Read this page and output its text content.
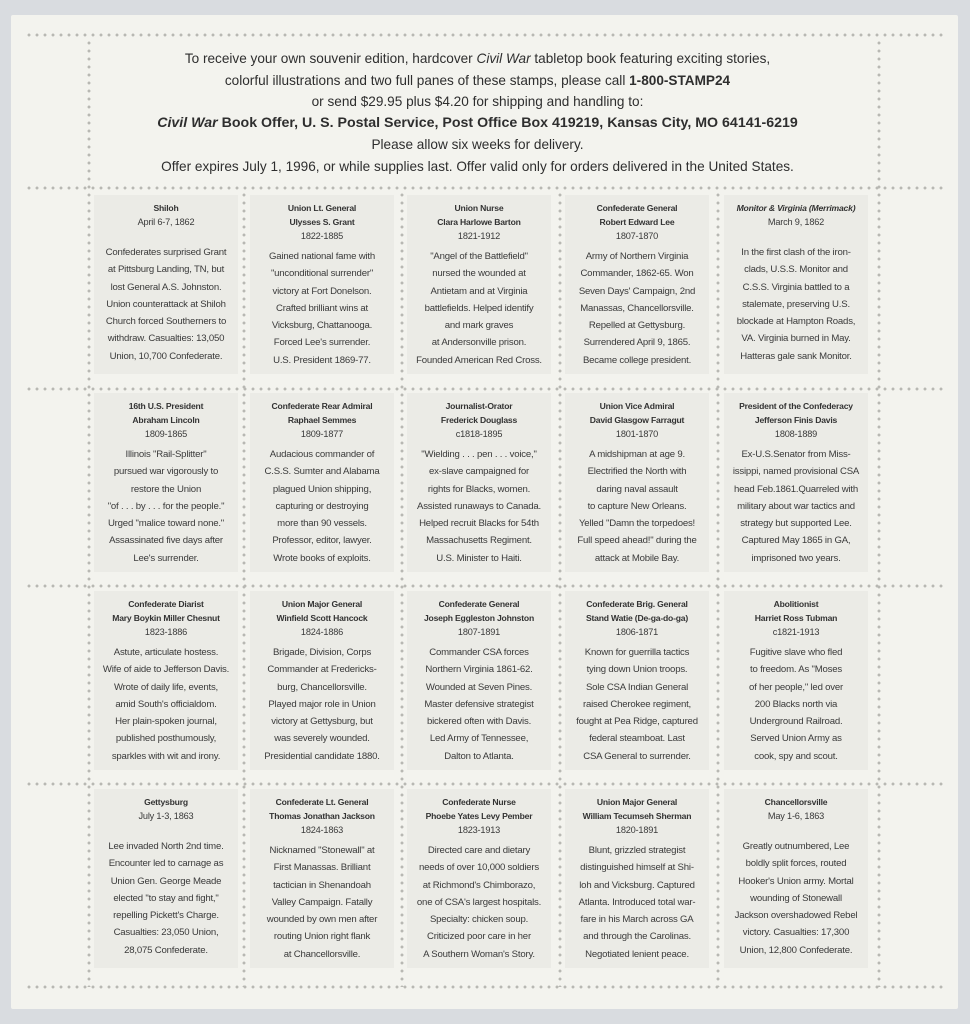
To receive your own souvenir edition, hardcover Civil War tabletop book featuring exciting stories,
colorful illustrations and two full panes of these stamps, please call 1-800-STAMP24
or send $29.95 plus $4.20 for shipping and handling to:
Civil War Book Offer, U. S. Postal Service, Post Office Box 419219, Kansas City, MO 64141-6219
Please allow six weeks for delivery.
Offer expires July 1, 1996, or while supplies last. Offer valid only for orders delivered in the United States.
Shiloh
April 6-7, 1862
Confederates surprised Grant
at Pittsburg Landing, TN, but
lost General A.S. Johnston.
Union counterattack at Shiloh
Church forced Southerners to
withdraw. Casualties: 13,050
Union, 10,700 Confederate.
Union Lt. General
Ulysses S. Grant
1822-1885
Gained national fame with
"unconditional surrender"
victory at Fort Donelson.
Crafted brilliant wins at
Vicksburg, Chattanooga.
Forced Lee's surrender.
U.S. President 1869-77.
Union Nurse
Clara Harlowe Barton
1821-1912
"Angel of the Battlefield"
nursed the wounded at
Antietam and at Virginia
battlefields. Helped identify
and mark graves
at Andersonville prison.
Founded American Red Cross.
Confederate General
Robert Edward Lee
1807-1870
Army of Northern Virginia
Commander, 1862-65. Won
Seven Days' Campaign, 2nd
Manassas, Chancellorsville.
Repelled at Gettysburg.
Surrendered April 9, 1865.
Became college president.
Monitor & Virginia (Merrimack)
March 9, 1862
In the first clash of the iron-
clads, U.S.S. Monitor and
C.S.S. Virginia battled to a
stalemate, preserving U.S.
blockade at Hampton Roads,
VA. Virginia burned in May.
Hatteras gale sank Monitor.
16th U.S. President
Abraham Lincoln
1809-1865
Illinois "Rail-Splitter"
pursued war vigorously to
restore the Union
"of . . . by . . . for the people."
Urged "malice toward none."
Assassinated five days after
Lee's surrender.
Confederate Rear Admiral
Raphael Semmes
1809-1877
Audacious commander of
C.S.S. Sumter and Alabama
plagued Union shipping,
capturing or destroying
more than 90 vessels.
Professor, editor, lawyer.
Wrote books of exploits.
Journalist-Orator
Frederick Douglass
c1818-1895
"Wielding . . . pen . . . voice,"
ex-slave campaigned for
rights for Blacks, women.
Assisted runaways to Canada.
Helped recruit Blacks for 54th
Massachusetts Regiment.
U.S. Minister to Haiti.
Union Vice Admiral
David Glasgow Farragut
1801-1870
A midshipman at age 9.
Electrified the North with
daring naval assault
to capture New Orleans.
Yelled "Damn the torpedoes!
Full speed ahead!" during the
attack at Mobile Bay.
President of the Confederacy
Jefferson Finis Davis
1808-1889
Ex-U.S.Senator from Miss-
issippi, named provisional CSA
head Feb.1861.Quarreled with
military about war tactics and
strategy but supported Lee.
Captured May 1865 in GA,
imprisoned two years.
Confederate Diarist
Mary Boykin Miller Chesnut
1823-1886
Astute, articulate hostess.
Wife of aide to Jefferson Davis.
Wrote of daily life, events,
amid South's officialdom.
Her plain-spoken journal,
published posthumously,
sparkles with wit and irony.
Union Major General
Winfield Scott Hancock
1824-1886
Brigade, Division, Corps
Commander at Fredericks-
burg, Chancellorsville.
Played major role in Union
victory at Gettysburg, but
was severely wounded.
Presidential candidate 1880.
Confederate General
Joseph Eggleston Johnston
1807-1891
Commander CSA forces
Northern Virginia 1861-62.
Wounded at Seven Pines.
Master defensive strategist
bickered often with Davis.
Led Army of Tennessee,
Dalton to Atlanta.
Confederate Brig. General
Stand Watie (De-ga-do-ga)
1806-1871
Known for guerrilla tactics
tying down Union troops.
Sole CSA Indian General
raised Cherokee regiment,
fought at Pea Ridge, captured
federal steamboat. Last
CSA General to surrender.
Abolitionist
Harriet Ross Tubman
c1821-1913
Fugitive slave who fled
to freedom. As "Moses
of her people," led over
200 Blacks north via
Underground Railroad.
Served Union Army as
cook, spy and scout.
Gettysburg
July 1-3, 1863
Lee invaded North 2nd time.
Encounter led to carnage as
Union Gen. George Meade
elected "to stay and fight,"
repelling Pickett's Charge.
Casualties: 23,050 Union,
28,075 Confederate.
Confederate Lt. General
Thomas Jonathan Jackson
1824-1863
Nicknamed "Stonewall" at
First Manassas. Brilliant
tactician in Shenandoah
Valley Campaign. Fatally
wounded by own men after
routing Union right flank
at Chancellorsville.
Confederate Nurse
Phoebe Yates Levy Pember
1823-1913
Directed care and dietary
needs of over 10,000 soldiers
at Richmond's Chimborazo,
one of CSA's largest hospitals.
Specialty: chicken soup.
Criticized poor care in her
A Southern Woman's Story.
Union Major General
William Tecumseh Sherman
1820-1891
Blunt, grizzled strategist
distinguished himself at Shi-
loh and Vicksburg. Captured
Atlanta. Introduced total war-
fare in his March across GA
and through the Carolinas.
Negotiated lenient peace.
Chancellorsville
May 1-6, 1863
Greatly outnumbered, Lee
boldly split forces, routed
Hooker's Union army. Mortal
wounding of Stonewall
Jackson overshadowed Rebel
victory. Casualties: 17,300
Union, 12,800 Confederate.
